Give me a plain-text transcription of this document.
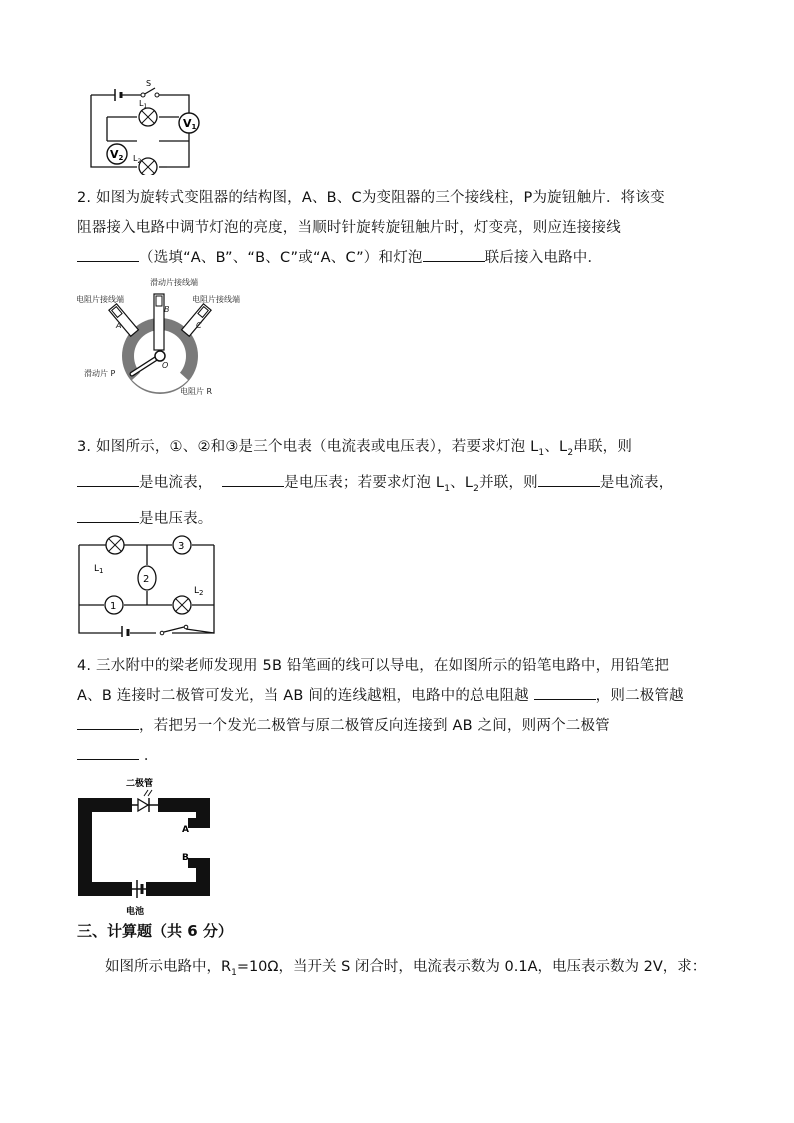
V1
V2
S
$L_1$
$L_2$
2. 如图为旋转式变阻器的结构图，A、B、C为变阻器的三个接线柱，P为旋钮触片．将该变
阻器接入电路中调节灯泡的亮度，当顺时针旋转旋钮触片时，灯变亮，则应连接接线
（选填“A、B”、“B、C”或“A、C”）和灯泡	联后接入电路中．
滑动片接线端
电阻片接线端	电阻片接线端
A
B
C
O
滑动片 P
电阻片 R
3. 如图所示，①、②和③是三个电表（电流表或电压表），若要求灯泡 $L_1$、$L_2$串联，则
是电流表，	是电压表；若要求灯泡 $L_1$、$L_2$并联，则	是电流表，
是电压表。
3
2
1
$L_1$
$L_2$
4. 三水附中的梁老师发现用 5B 铅笔画的线可以导电，在如图所示的铅笔电路中，用铅笔把
A、B 连接时二极管可发光，当 AB 间的连线越粗，电路中的总电阻越	，则二极管越
，若把另一个发光二极管与原二极管反向连接到 AB 之间，则两个二极管
．
二极管
A
B
电池
三、计算题（共 6 分）
如图所示电路中，$R_1=10\Omega$，当开关 S 闭合时，电流表示数为 0.1A，电压表示数为 2V，求：
